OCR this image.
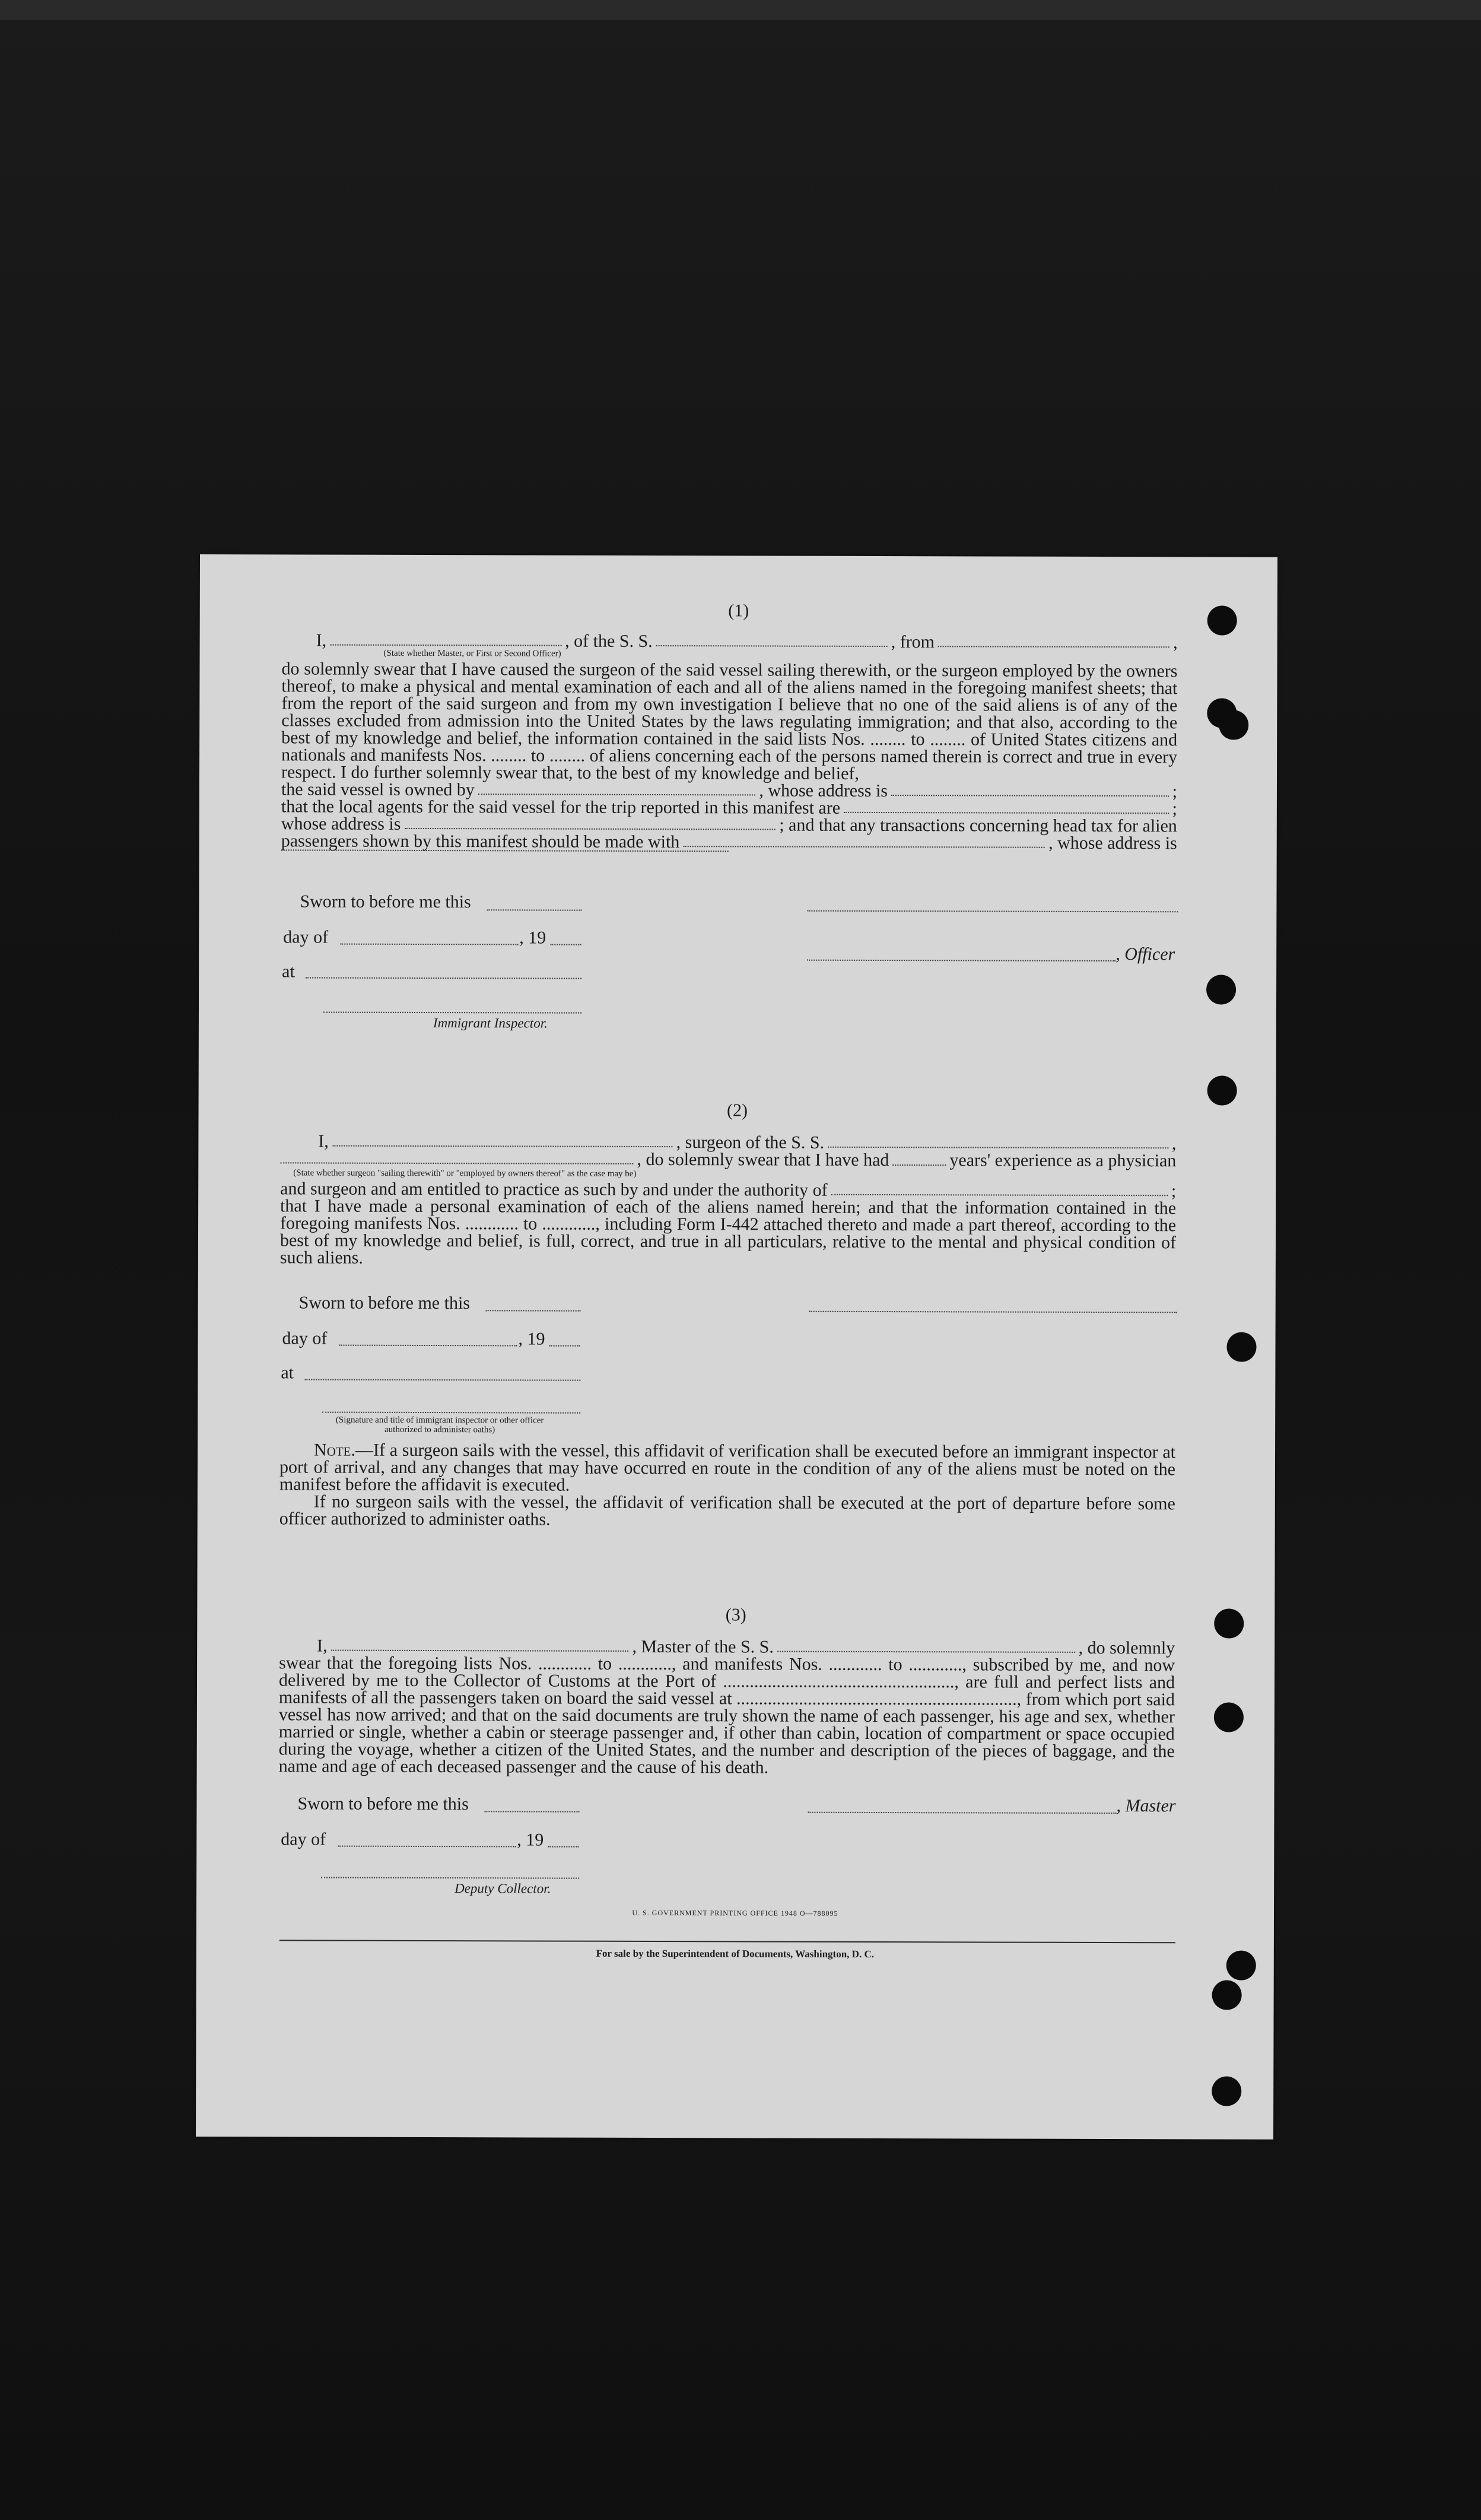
(1)
I,	, of the S. S.	, from	,
(State whether Master, or First or Second Officer)

do solemnly swear that I have caused the surgeon of the said vessel sailing therewith, or the surgeon employed by the owners thereof, to make a physical and mental examination of each and all of the aliens named in the foregoing manifest sheets; that from the report of the said surgeon and from my own investigation I believe that no one of the said aliens is of any of the classes excluded from admission into the United States by the laws regulating immigration; and that also, according to the best of my knowledge and belief, the information contained in the said lists Nos. ........ to ........ of United States citizens and nationals and manifests Nos. ........ to ........ of aliens concerning each of the persons named therein is correct and true in every respect. I do further solemnly swear that, to the best of my knowledge and belief,

the said vessel is owned by	, whose address is	;
that the local agents for the said vessel for the trip reported in this manifest are	;
whose address is	; and that any transactions concerning head tax for alien
passengers shown by this manifest should be made with	, whose address is
Sworn to before me this
day of	, 19
, Officer
at
Immigrant Inspector.
(2)
I,	, surgeon of the S. S.	,
, do solemnly swear that I have had	years' experience as a physician
(State whether surgeon "sailing therewith" or "employed by owners thereof" as the case may be)
and surgeon and am entitled to practice as such by and under the authority of	;

that I have made a personal examination of each of the aliens named herein; and that the information contained in the foregoing manifests Nos. ............ to ............, including Form I-442 attached thereto and made a part thereof, according to the best of my knowledge and belief, is full, correct, and true in all particulars, relative to the mental and physical condition of such aliens.

Sworn to before me this
day of	, 19
at
(Signature and title of immigrant inspector or other officer authorized to administer oaths)

Note.—If a surgeon sails with the vessel, this affidavit of verification shall be executed before an immigrant inspector at port of arrival, and any changes that may have occurred en route in the condition of any of the aliens must be noted on the manifest before the affidavit is executed.

If no surgeon sails with the vessel, the affidavit of verification shall be executed at the port of departure before some officer authorized to administer oaths.

(3)
I,	, Master of the S. S.	, do solemnly

swear that the foregoing lists Nos. ............ to ............, and manifests Nos. ............ to ............, subscribed by me, and now delivered by me to the Collector of Customs at the Port of ...................................................., are full and perfect lists and manifests of all the passengers taken on board the said vessel at ..............................................................., from which port said vessel has now arrived; and that on the said documents are truly shown the name of each passenger, his age and sex, whether married or single, whether a cabin or steerage passenger and, if other than cabin, location of compartment or space occupied during the voyage, whether a citizen of the United States, and the number and description of the pieces of baggage, and the name and age of each deceased passenger and the cause of his death.

Sworn to before me this	, Master
day of	, 19
Deputy Collector.
U. S. GOVERNMENT PRINTING OFFICE 1948 O—788095
For sale by the Superintendent of Documents, Washington, D. C.
